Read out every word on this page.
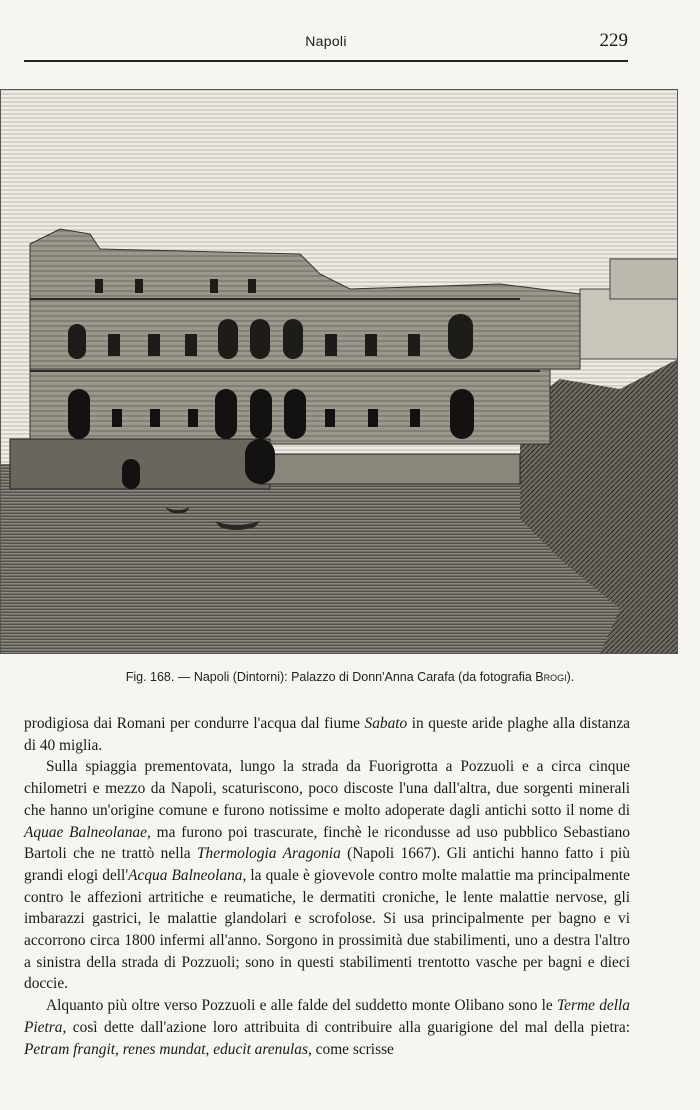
Napoli	229
Fig. 168. — Napoli (Dintorni): Palazzo di Donn'Anna Carafa (da fotografia Brogi).

prodigiosa dai Romani per condurre l'acqua dal fiume Sabato in queste aride plaghe alla distanza di 40 miglia.

Sulla spiaggia prementovata, lungo la strada da Fuorigrotta a Pozzuoli e a circa cinque chilometri e mezzo da Napoli, scaturiscono, poco discoste l'una dall'altra, due sorgenti minerali che hanno un'origine comune e furono notissime e molto adoperate dagli antichi sotto il nome di Aquae Balneolanae, ma furono poi trascurate, finchè le ricondusse ad uso pubblico Sebastiano Bartoli che ne trattò nella Thermologia Aragonia (Napoli 1667). Gli antichi hanno fatto i più grandi elogi dell'Acqua Balneolana, la quale è giovevole contro molte malattie ma principalmente contro le affezioni artritiche e reumatiche, le dermatiti croniche, le lente malattie nervose, gli imbarazzi gastrici, le malattie glandolari e scrofolose. Si usa principalmente per bagno e vi accorrono circa 1800 infermi all'anno. Sorgono in prossimità due stabilimenti, uno a destra l'altro a sinistra della strada di Pozzuoli; sono in questi stabilimenti trentotto vasche per bagni e dieci doccie.

Alquanto più oltre verso Pozzuoli e alle falde del suddetto monte Olibano sono le Terme della Pietra, così dette dall'azione loro attribuita di contribuire alla guarigione del mal della pietra: Petram frangit, renes mundat, educit arenulas, come scrisse
